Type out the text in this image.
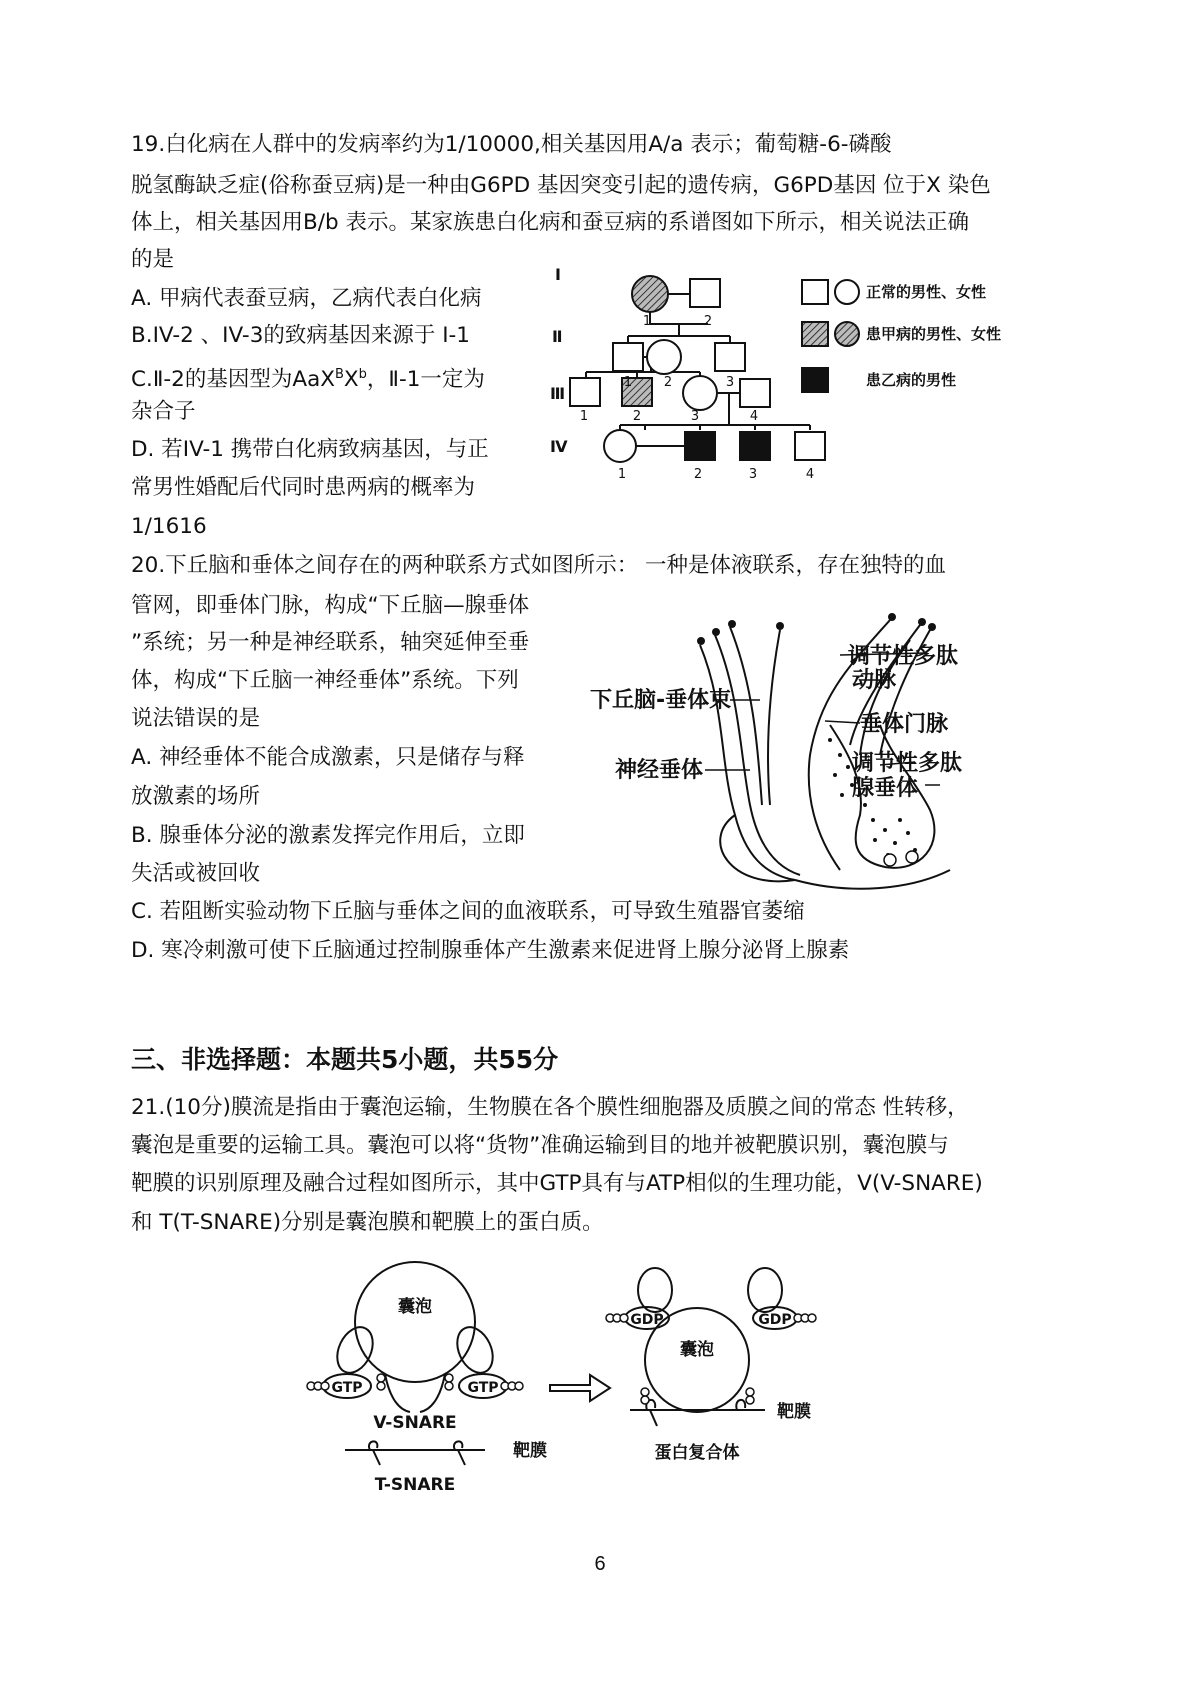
19.白化病在人群中的发病率约为1/10000,相关基因用A/a 表示；葡萄糖-6-磷酸
脱氢酶缺乏症(俗称蚕豆病)是一种由G6PD 基因突变引起的遗传病，G6PD基因 位于X 染色
体上，相关基因用B/b 表示。某家族患白化病和蚕豆病的系谱图如下所示，相关说法正确
的是
A. 甲病代表蚕豆病，乙病代表白化病
B.IV-2 、IV-3的致病基因来源于 I-1
C.Ⅱ-2的基因型为$AaX^BX^b$，Ⅱ-1一定为
杂合子
D. 若IV-1 携带白化病致病基因，与正
常男性婚配后代同时患两病的概率为
1/1616
Ⅰ
Ⅱ
Ⅲ
Ⅳ
1	2
1 2	3
1	2	3	4
1	2	3	4
正常的男性、女性
患甲病的男性、女性
患乙病的男性
20.下丘脑和垂体之间存在的两种联系方式如图所示： 一种是体液联系，存在独特的血
管网，即垂体门脉，构成“下丘脑—腺垂体
”系统；另一种是神经联系，轴突延伸至垂
体，构成“下丘脑一神经垂体”系统。下列
说法错误的是
A. 神经垂体不能合成激素，只是储存与释
放激素的场所
B. 腺垂体分泌的激素发挥完作用后，立即
失活或被回收
C. 若阻断实验动物下丘脑与垂体之间的血液联系，可导致生殖器官萎缩
D. 寒冷刺激可使下丘脑通过控制腺垂体产生激素来促进肾上腺分泌肾上腺素
下丘脑-垂体束
神经垂体
调节性多肽
动脉
垂体门脉
调节性多肽
腺垂体
三、非选择题：本题共5小题，共55分
21.(10分)膜流是指由于囊泡运输，生物膜在各个膜性细胞器及质膜之间的常态 性转移，
囊泡是重要的运输工具。囊泡可以将“货物”准确运输到目的地并被靶膜识别，囊泡膜与
靶膜的识别原理及融合过程如图所示，其中GTP具有与ATP相似的生理功能，V(V-SNARE)
和 T(T-SNARE)分别是囊泡膜和靶膜上的蛋白质。
囊泡
GTP	GTP
V-SNARE
靶膜
T-SNARE
GDP	GDP
囊泡
靶膜
蛋白复合体
6
